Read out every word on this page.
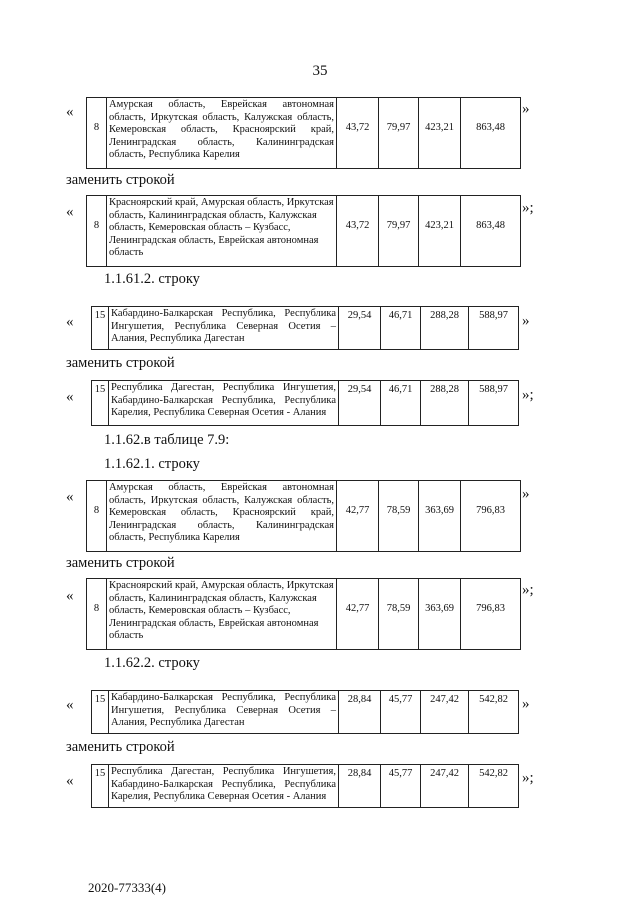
35
«
8	Амурская область, Еврейская автономная область, Иркутская область, Калужская область, Кемеровская область, Красноярский край, Ленинградская область, Калининградская область, Республика Карелия	43,72	79,97	423,21	863,48
»
заменить строкой
«
8	Красноярский край, Амурская область, Иркутская область, Калининградская область, Калужская область, Кемеровская область – Кузбасс, Ленинградская область, Еврейская автономная область	43,72	79,97	423,21	863,48
»;
1.1.61.2. строку
« 15	Кабардино-Балкарская Республика, Республика Ингушетия, Республика Северная Осетия – Алания, Республика Дагестан	29,54	46,71	288,28	588,97 »
заменить строкой
« 15	Республика Дагестан, Республика Ингушетия, Кабардино-Балкарская Республика, Республика Карелия, Республика Северная Осетия - Алания	29,54	46,71	288,28	588,97 »;
1.1.62.в таблице 7.9:
1.1.62.1. строку
«
8	Амурская область, Еврейская автономная область, Иркутская область, Калужская область, Кемеровская область, Красноярский край, Ленинградская область, Калининградская область, Республика Карелия	42,77	78,59	363,69	796,83
»
заменить строкой
«
8	Красноярский край, Амурская область, Иркутская область, Калининградская область, Калужская область, Кемеровская область – Кузбасс, Ленинградская область, Еврейская автономная область	42,77	78,59	363,69	796,83
»;
1.1.62.2. строку
« 15	Кабардино-Балкарская Республика, Республика Ингушетия, Республика Северная Осетия – Алания, Республика Дагестан	28,84	45,77	247,42	542,82 »
заменить строкой
« 15	Республика Дагестан, Республика Ингушетия, Кабардино-Балкарская Республика, Республика Карелия, Республика Северная Осетия - Алания	28,84	45,77	247,42	542,82 »;
2020-77333(4)
